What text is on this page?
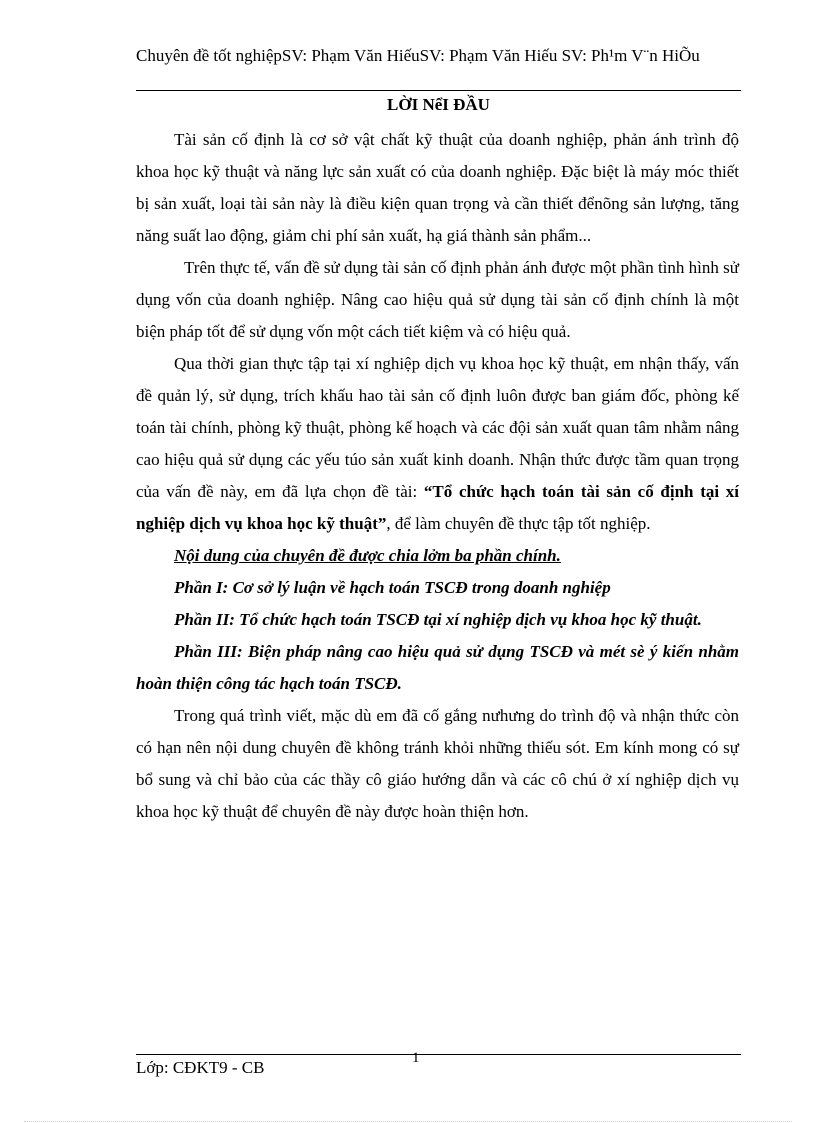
Chuyên đề tốt nghiệpSV: Phạm Văn HiếuSV: Phạm Văn Hiếu SV: Ph¹m V¨n HiÕu
LỜI NểI ĐẦU

Tài sản cố định là cơ sở vật chất kỹ thuật của doanh nghiệp, phản ánh trình độ khoa học kỹ thuật và năng lực sản xuất có của doanh nghiệp. Đặc biệt là máy móc thiết bị sản xuất, loại tài sản này là điều kiện quan trọng và cần thiết đểnõng sản lượng, tăng năng suất lao động, giảm chi phí sản xuất, hạ giá thành sản phẩm...

Trên thực tế, vấn đề sử dụng tài sản cố định phản ánh được một phần tình hình sử dụng vốn của doanh nghiệp. Nâng cao hiệu quả sử dụng tài sản cố định chính là một biện pháp tốt để sử dụng vốn một cách tiết kiệm và có hiệu quả.

Qua thời gian thực tập tại xí nghiệp dịch vụ khoa học kỹ thuật, em nhận thấy, vấn đề quản lý, sử dụng, trích khấu hao tài sản cố định luôn được ban giám đốc, phòng kế toán tài chính, phòng kỹ thuật, phòng kế hoạch và các đội sản xuất quan tâm nhằm nâng cao hiệu quả sử dụng các yếu túo sản xuất kinh doanh. Nhận thức được tầm quan trọng của vấn đề này, em đã lựa chọn đề tài: “Tổ chức hạch toán tài sản cố định tại xí nghiệp dịch vụ khoa học kỹ thuật”, để làm chuyên đề thực tập tốt nghiệp.

Nội dung của chuyên đề được chia lởm ba phần chính.

Phần I: Cơ sở lý luận về hạch toán TSCĐ trong doanh nghiệp

Phần II: Tổ chức hạch toán TSCĐ tại xí nghiệp dịch vụ khoa học kỹ thuật.

Phần III: Biện pháp nâng cao hiệu quả sử dụng TSCĐ và mét sè ý kiến nhằm hoàn thiện công tác hạch toán TSCĐ.

Trong quá trình viết, mặc dù em đã cố gắng nưhưng do trình độ và nhận thức còn có hạn nên nội dung chuyên đề không tránh khỏi những thiếu sót. Em kính mong có sự bổ sung và chỉ bảo của các thầy cô giáo hướng dẫn và các cô chú ở xí nghiệp dịch vụ khoa học kỹ thuật để chuyên đề này được hoàn thiện hơn.

1
Lớp: CĐKT9 - CB
